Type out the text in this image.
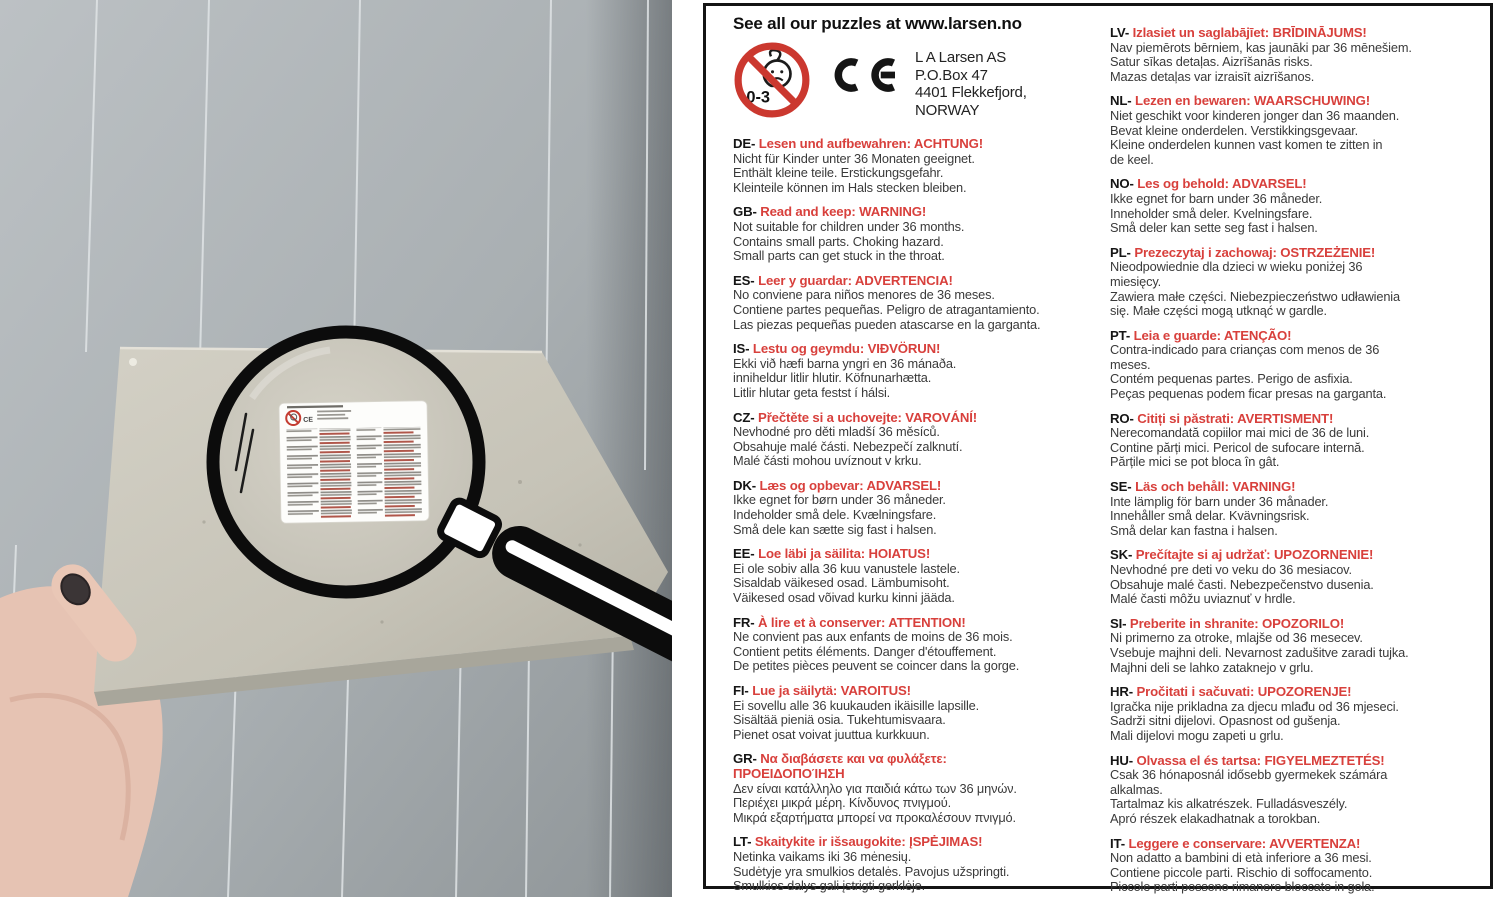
CE
See all our puzzles at www.larsen.no
0-3
L A Larsen AS
P.O.Box 47
4401 Flekkefjord,
NORWAY
DE- Lesen und aufbewahren: ACHTUNG!
Nicht für Kinder unter 36 Monaten geeignet.
Enthält kleine teile. Erstickungsgefahr.
Kleinteile können im Hals stecken bleiben.
GB- Read and keep: WARNING!
Not suitable for children under 36 months.
Contains small parts. Choking hazard.
Small parts can get stuck in the throat.
ES- Leer y guardar: ADVERTENCIA!
No conviene para niños menores de 36 meses.
Contiene partes pequeñas. Peligro de atragantamiento.
Las piezas pequeñas pueden atascarse en la garganta.
IS- Lestu og geymdu: VIÐVÖRUN!
Ekki við hæfi barna yngri en 36 mánaða.
inniheldur litlir hlutir. Köfnunarhætta.
Litlir hlutar geta festst í hálsi.
CZ- Přečtěte si a uchovejte: VAROVÁNÍ!
Nevhodné pro děti mladší 36 měsíců.
Obsahuje malé části. Nebezpečí zalknutí.
Malé části mohou uvíznout v krku.
DK- Læs og opbevar: ADVARSEL!
Ikke egnet for børn under 36 måneder.
Indeholder små dele. Kvælningsfare.
Små dele kan sætte sig fast i halsen.
EE- Loe läbi ja säilita: HOIATUS!
Ei ole sobiv alla 36 kuu vanustele lastele.
Sisaldab väikesed osad. Lämbumisoht.
Väikesed osad võivad kurku kinni jääda.
FR- À lire et à conserver: ATTENTION!
Ne convient pas aux enfants de moins de 36 mois.
Contient petits éléments. Danger d'étouffement.
De petites pièces peuvent se coincer dans la gorge.
FI- Lue ja säilytä: VAROITUS!
Ei sovellu alle 36 kuukauden ikäisille lapsille.
Sisältää pieniä osia. Tukehtumisvaara.
Pienet osat voivat juuttua kurkkuun.
GR- Να διαβάσετε και να φυλάξετε:
ΠΡΟΕΙΔΟΠΟΊΗΣΗ
Δεν είναι κατάλληλο για παιδιά κάτω των 36 μηνών.
Περιέχει μικρά μέρη. Κίνδυνος πνιγμού.
Μικρά εξαρτήματα μπορεί να προκαλέσουν πνιγμό.
LT- Skaitykite ir išsaugokite: ĮSPĖJIMAS!
Netinka vaikams iki 36 mėnesių.
Sudėtyje yra smulkios detalės. Pavojus užspringti.
Smulkios dalys gali įstrigti gerklėje.
LV- Izlasiet un saglabājīet: BRĪDINĀJUMS!
Nav piemērots bērniem, kas jaunāki par 36 mēnešiem.
Satur sīkas detaļas. Aizrīšanās risks.
Mazas detaļas var izraisīt aizrīšanos.
NL- Lezen en bewaren: WAARSCHUWING!
Niet geschikt voor kinderen jonger dan 36 maanden.
Bevat kleine onderdelen. Verstikkingsgevaar.
Kleine onderdelen kunnen vast komen te zitten in
de keel.
NO- Les og behold: ADVARSEL!
Ikke egnet for barn under 36 måneder.
Inneholder små deler. Kvelningsfare.
Små deler kan sette seg fast i halsen.
PL- Prezeczytaj i zachowaj: OSTRZEŻENIE!
Nieodpowiednie dla dzieci w wieku poniżej 36
miesięcy.
Zawiera małe części. Niebezpieczeństwo udławienia
się. Małe części mogą utknąć w gardle.
PT- Leia e guarde: ATENÇÃO!
Contra-indicado para crianças com menos de 36
meses.
Contém pequenas partes. Perigo de asfixia.
Peças pequenas podem ficar presas na garganta.
RO- Citiți si păstrati: AVERTISMENT!
Nerecomandată copiilor mai mici de 36 de luni.
Contine părți mici. Pericol de sufocare internă.
Părțile mici se pot bloca în gât.
SE- Läs och behåll: VARNING!
Inte lämplig för barn under 36 månader.
Innehåller små delar. Kvävningsrisk.
Små delar kan fastna i halsen.
SK- Prečítajte si aj udržať: UPOZORNENIE!
Nevhodné pre deti vo veku do 36 mesiacov.
Obsahuje malé časti. Nebezpečenstvo dusenia.
Malé časti môžu uviaznuť v hrdle.
SI- Preberite in shranite: OPOZORILO!
Ni primerno za otroke, mlajše od 36 mesecev.
Vsebuje majhni deli. Nevarnost zadušitve zaradi tujka.
Majhni deli se lahko zataknejo v grlu.
HR- Pročitati i sačuvati: UPOZORENJE!
Igračka nije prikladna za djecu mlađu od 36 mjeseci.
Sadrži sitni dijelovi. Opasnost od gušenja.
Mali dijelovi mogu zapeti u grlu.
HU- Olvassa el és tartsa: FIGYELMEZTETÉS!
Csak 36 hónaposnál idősebb gyermekek számára
alkalmas.
Tartalmaz kis alkatrészek. Fulladásveszély.
Apró részek elakadhatnak a torokban.
IT- Leggere e conservare: AVVERTENZA!
Non adatto a bambini di età inferiore a 36 mesi.
Contiene piccole parti. Rischio di soffocamento.
Piccole parti possono rimanere bloccate in gola.
